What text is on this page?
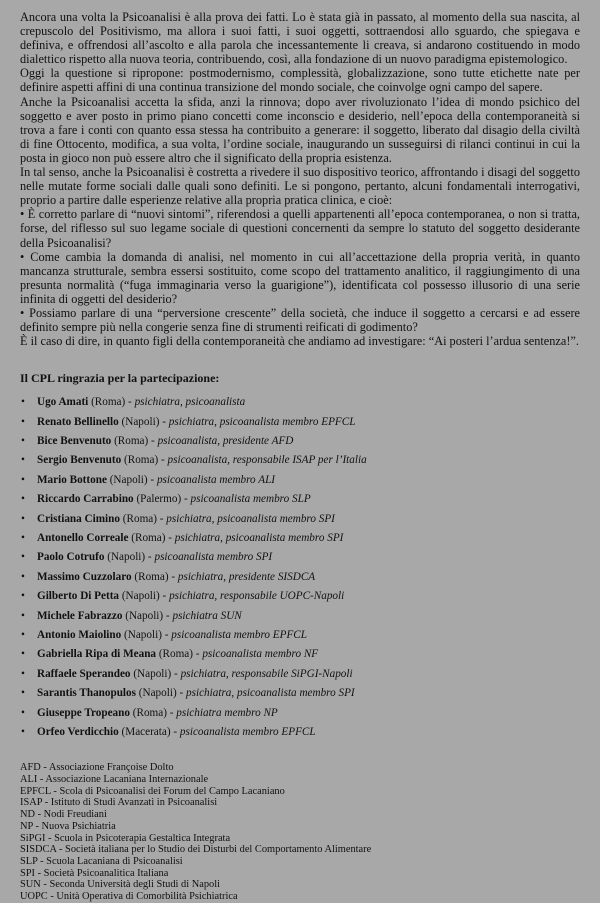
Ancora una volta la Psicoanalisi è alla prova dei fatti. Lo è stata già in passato, al momento della sua nascita, al crepuscolo del Positivismo, ma allora i suoi fatti, i suoi oggetti, sottraendosi allo sguardo, che spiegava e definiva, e offrendosi all’ascolto e alla parola che incessantemente li creava, si andarono costituendo in modo dialettico rispetto alla nuova teoria, contribuendo, così, alla fondazione di un nuovo paradigma epistemologico.

Oggi la questione si ripropone: postmodernismo, complessità, globalizzazione, sono tutte etichette nate per definire aspetti affini di una continua transizione del mondo sociale, che coinvolge ogni campo del sapere.

Anche la Psicoanalisi accetta la sfida, anzi la rinnova; dopo aver rivoluzionato l’idea di mondo psichico del soggetto e aver posto in primo piano concetti come inconscio e desiderio, nell’epoca della contemporaneità si trova a fare i conti con quanto essa stessa ha contribuito a generare: il soggetto, liberato dal disagio della civiltà di fine Ottocento, modifica, a sua volta, l’ordine sociale, inaugurando un susseguirsi di rilanci continui in cui la posta in gioco non può essere altro che il significato della propria esistenza.

In tal senso, anche la Psicoanalisi è costretta a rivedere il suo dispositivo teorico, affrontando i disagi del soggetto nelle mutate forme sociali dalle quali sono definiti. Le si pongono, pertanto, alcuni fondamentali interrogativi, proprio a partire dalle esperienze relative alla propria pratica clinica, e cioè:

• È corretto parlare di “nuovi sintomi”, riferendosi a quelli appartenenti all’epoca contemporanea, o non si tratta, forse, del riflesso sul suo legame sociale di questioni concernenti da sempre lo statuto del soggetto desiderante della Psicoanalisi?

• Come cambia la domanda di analisi, nel momento in cui all’accettazione della propria verità, in quanto mancanza strutturale, sembra essersi sostituito, come scopo del trattamento analitico, il raggiungimento di una presunta normalità (“fuga immaginaria verso la guarigione”), identificata col possesso illusorio di una serie infinita di oggetti del desiderio?

• Possiamo parlare di una “perversione crescente” della società, che induce il soggetto a cercarsi e ad essere definito sempre più nella congerie senza fine di strumenti reificati di godimento?

È il caso di dire, in quanto figli della contemporaneità che andiamo ad investigare: “Ai posteri l’ardua sentenza!”.

Il CPL ringrazia per la partecipazione:
• Ugo Amati (Roma) - psichiatra, psicoanalista
• Renato Bellinello (Napoli) - psichiatra, psicoanalista membro EPFCL
• Bice Benvenuto (Roma) - psicoanalista, presidente AFD
• Sergio Benvenuto (Roma) - psicoanalista, responsabile ISAP per l’Italia
• Mario Bottone (Napoli) - psicoanalista membro ALI
• Riccardo Carrabino (Palermo) - psicoanalista membro SLP
• Cristiana Cimino (Roma) - psichiatra, psicoanalista membro SPI
• Antonello Correale (Roma) - psichiatra, psicoanalista membro SPI
• Paolo Cotrufo (Napoli) - psicoanalista membro SPI
• Massimo Cuzzolaro (Roma) - psichiatra, presidente SISDCA
• Gilberto Di Petta (Napoli) - psichiatra, responsabile UOPC-Napoli
• Michele Fabrazzo (Napoli) - psichiatra SUN
• Antonio Maiolino (Napoli) - psicoanalista membro EPFCL
• Gabriella Ripa di Meana (Roma) - psicoanalista membro NF
• Raffaele Sperandeo (Napoli) - psichiatra, responsabile SiPGI-Napoli
• Sarantis Thanopulos (Napoli) - psichiatra, psicoanalista membro SPI
• Giuseppe Tropeano (Roma) - psichiatra membro NP
• Orfeo Verdicchio (Macerata) - psicoanalista membro EPFCL
AFD - Associazione Françoise Dolto
ALI - Associazione Lacaniana Internazionale
EPFCL - Scola di Psicoanalisi dei Forum del Campo Lacaniano
ISAP - Istituto di Studi Avanzati in Psicoanalisi
ND - Nodi Freudiani
NP - Nuova Psichiatria
SiPGI - Scuola in Psicoterapia Gestaltica Integrata
SISDCA - Società italiana per lo Studio dei Disturbi del Comportamento Alimentare
SLP - Scuola Lacaniana di Psicoanalisi
SPI - Società Psicoanalitica Italiana
SUN - Seconda Università degli Studi di Napoli
UOPC - Unità Operativa di Comorbilità Psichiatrica
